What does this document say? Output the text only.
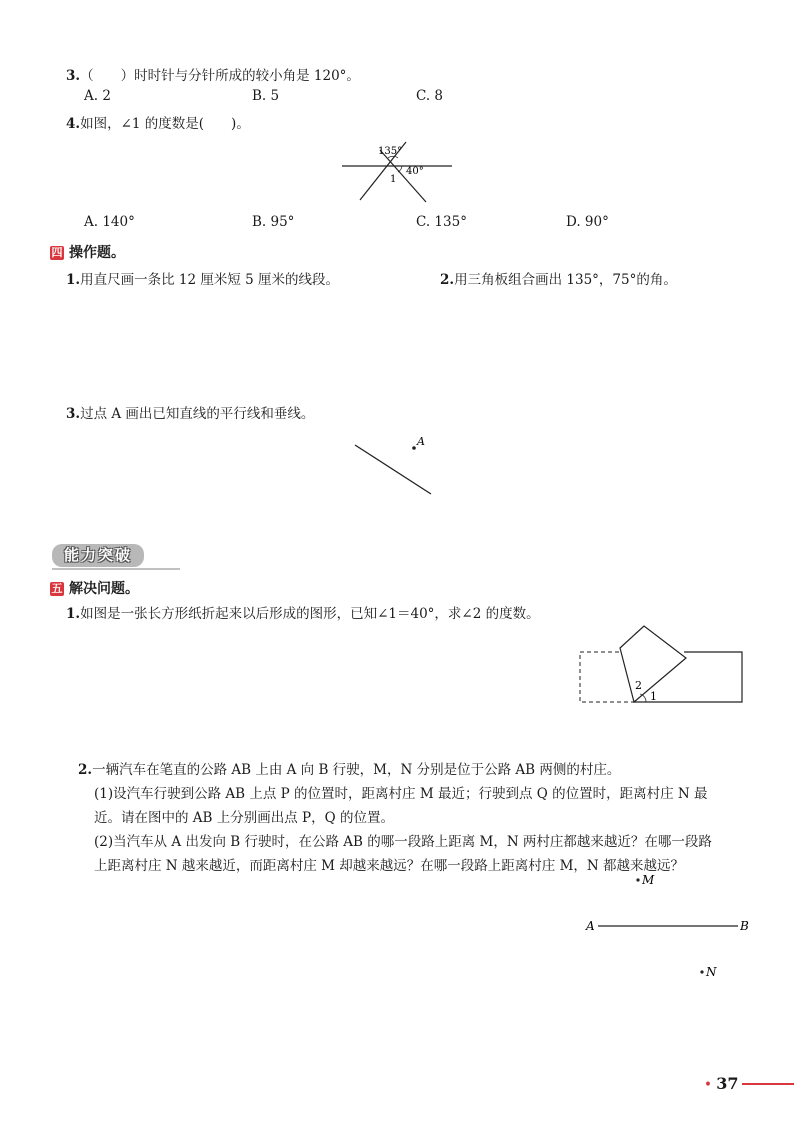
3.（　　）时时针与分针所成的较小角是 120°。
A. 2	B. 5	C. 8
4.如图，∠1 的度数是(　　)。
135°
40°
1
A. 140°	B. 95°	C. 135°	D. 90°
四 操作题。
1.用直尺画一条比 12 厘米短 5 厘米的线段。	2.用三角板组合画出 135°，75°的角。
3.过点 A 画出已知直线的平行线和垂线。
A
能力突破
五 解决问题。
1.如图是一张长方形纸折起来以后形成的图形，已知∠1＝40°，求∠2 的度数。
2
1
2.一辆汽车在笔直的公路 AB 上由 A 向 B 行驶，M，N 分别是位于公路 AB 两侧的村庄。
(1)设汽车行驶到公路 AB 上点 P 的位置时，距离村庄 M 最近；行驶到点 Q 的位置时，距离村庄 N 最
近。请在图中的 AB 上分别画出点 P，Q 的位置。
(2)当汽车从 A 出发向 B 行驶时，在公路 AB 的哪一段路上距离 M，N 两村庄都越来越近？在哪一段路
上距离村庄 N 越来越近，而距离村庄 M 却越来越远？在哪一段路上距离村庄 M，N 都越来越远？
M
A	B
N
• 37
